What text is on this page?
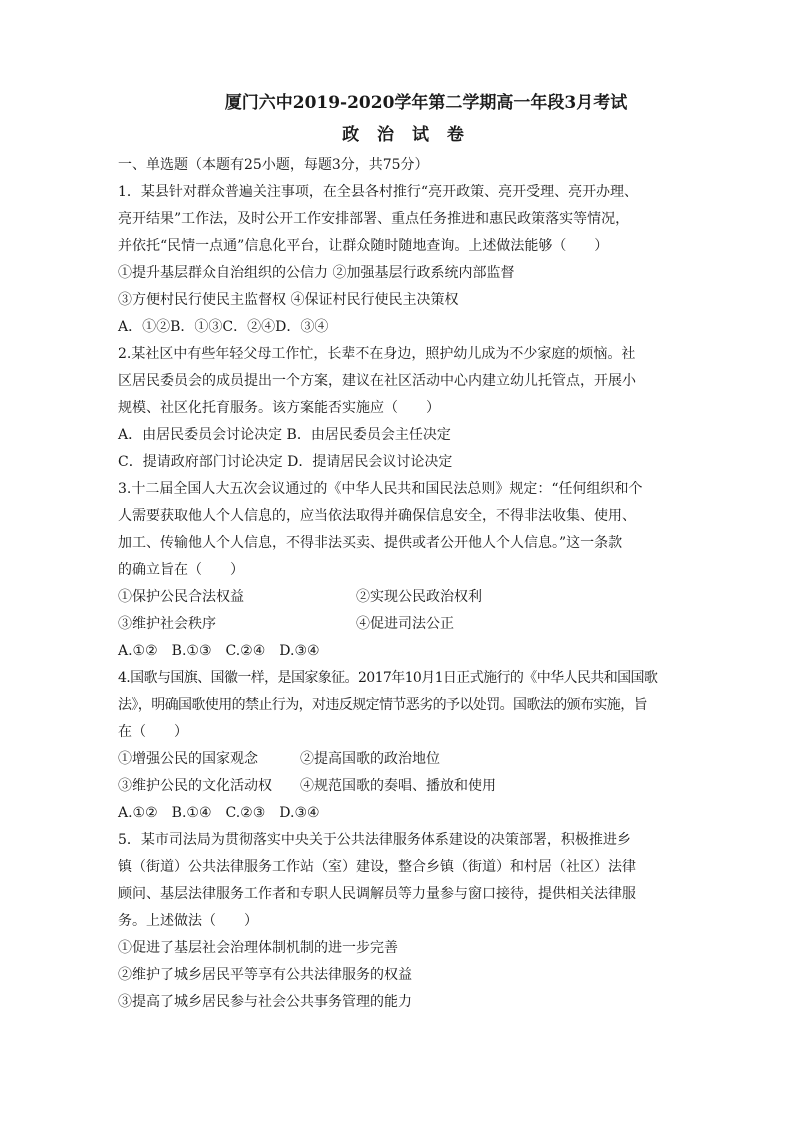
厦门六中2019-2020学年第二学期高一年段3月考试
政 治 试 卷
一、单选题（本题有25小题，每题3分，共75分）
1．某县针对群众普遍关注事项，在全县各村推行“亮开政策、亮开受理、亮开办理、
亮开结果”工作法，及时公开工作安排部署、重点任务推进和惠民政策落实等情况，
并依托“民情一点通”信息化平台，让群众随时随地查询。上述做法能够（　　）
①提升基层群众自治组织的公信力 ②加强基层行政系统内部监督
③方便村民行使民主监督权 ④保证村民行使民主决策权
A．①②B．①③C．②④D．③④
2.某社区中有些年轻父母工作忙，长辈不在身边，照护幼儿成为不少家庭的烦恼。社
区居民委员会的成员提出一个方案，建议在社区活动中心内建立幼儿托管点，开展小
规模、社区化托育服务。该方案能否实施应（　　）
A．由居民委员会讨论决定 B．由居民委员会主任决定
C．提请政府部门讨论决定 D．提请居民会议讨论决定
3.十二届全国人大五次会议通过的《中华人民共和国民法总则》规定：“任何组织和个
人需要获取他人个人信息的，应当依法取得并确保信息安全，不得非法收集、使用、
加工、传输他人个人信息，不得非法买卖、提供或者公开他人个人信息。”这一条款
的确立旨在（　　）
①保护公民合法权益	②实现公民政治权利
③维护社会秩序	④促进司法公正
A.①②　B.①③　C.②④　D.③④
4.国歌与国旗、国徽一样，是国家象征。2017年10月1日正式施行的《中华人民共和国国歌
法》，明确国歌使用的禁止行为，对违反规定情节恶劣的予以处罚。国歌法的颁布实施，旨
在（　　）
①增强公民的国家观念　　　②提高国歌的政治地位
③维护公民的文化活动权　　④规范国歌的奏唱、播放和使用
A.①②　B.①④　C.②③　D.③④
5．某市司法局为贯彻落实中央关于公共法律服务体系建设的决策部署，积极推进乡
镇（街道）公共法律服务工作站（室）建设，整合乡镇（街道）和村居（社区）法律
顾问、基层法律服务工作者和专职人民调解员等力量参与窗口接待，提供相关法律服
务。上述做法（　　）
①促进了基层社会治理体制机制的进一步完善
②维护了城乡居民平等享有公共法律服务的权益
③提高了城乡居民参与社会公共事务管理的能力
